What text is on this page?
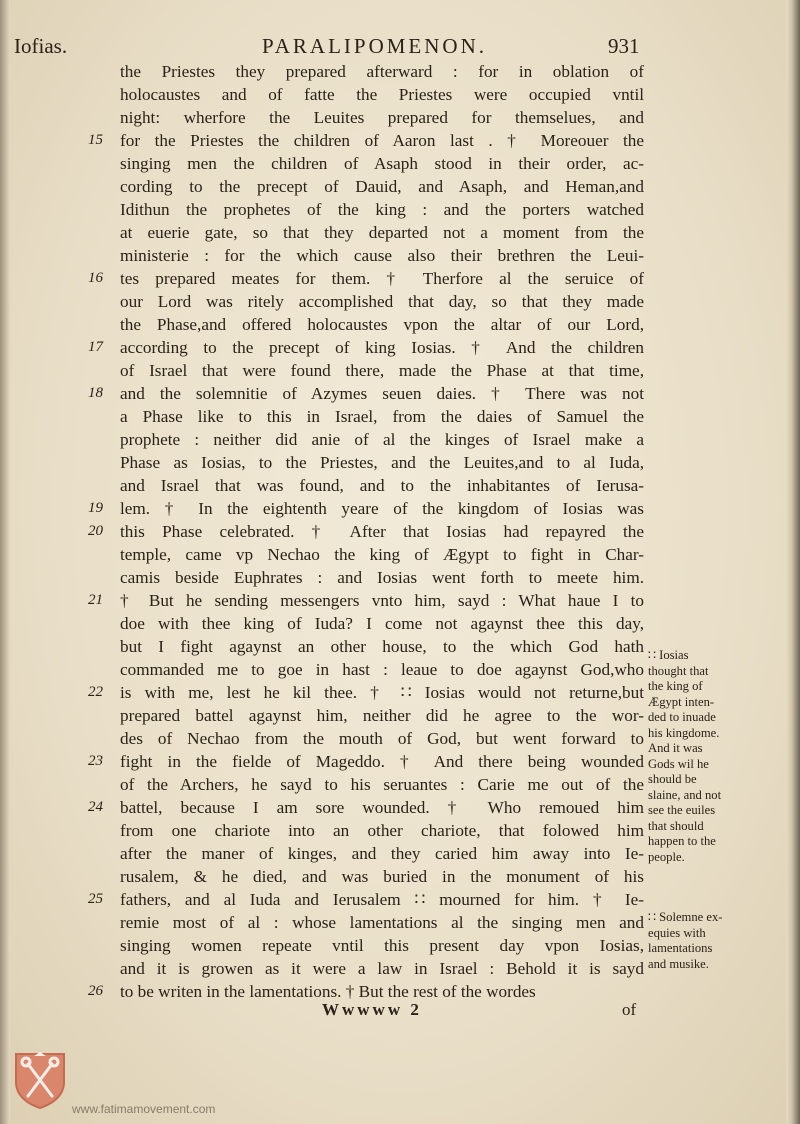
Iofias.	PARALIPOMENON.	931
the Priestes they prepared afterward : for in oblation of
holocaustes and of fatte the Priestes were occupied vntil
night: wherfore the Leuites prepared for themselues, and
15 for the Priestes the children of Aaron last . † Moreouer the
singing men the children of Asaph stood in their order, ac-
cording to the precept of Dauid, and Asaph, and Heman,and
Idithun the prophetes of the king : and the porters watched
at euerie gate, so that they departed not a moment from the
ministerie : for the which cause also their brethren the Leui-
16 tes prepared meates for them. † Therfore al the seruice of
our Lord was ritely accomplished that day, so that they made
the Phase,and offered holocaustes vpon the altar of our Lord,
17 according to the precept of king Iosias. † And the children
of Israel that were found there, made the Phase at that time,
18 and the solemnitie of Azymes seuen daies. † There was not
a Phase like to this in Israel, from the daies of Samuel the
prophete : neither did anie of al the kinges of Israel make a
Phase as Iosias, to the Priestes, and the Leuites,and to al Iuda,
and Israel that was found, and to the inhabitantes of Ierusa-
19 lem. † In the eightenth yeare of the kingdom of Iosias was
20 this Phase celebrated. † After that Iosias had repayred the
temple, came vp Nechao the king of Ægypt to fight in Char-
camis beside Euphrates : and Iosias went forth to meete him.
21 † But he sending messengers vnto him, sayd : What haue I to
doe with thee king of Iuda? I come not agaynst thee this day,
but I fight agaynst an other house, to the which God hath
commanded me to goe in hast : leaue to doe agaynst God,who
22 is with me, lest he kil thee. † ∷ Iosias would not returne,but
prepared battel agaynst him, neither did he agree to the wor-
des of Nechao from the mouth of God, but went forward to
23 fight in the fielde of Mageddo. † And there being wounded
of the Archers, he sayd to his seruantes : Carie me out of the
24 battel, because I am sore wounded. † Who remoued him
from one chariote into an other chariote, that folowed him
after the maner of kinges, and they caried him away into Ie-
rusalem, & he died, and was buried in the monument of his
25 fathers, and al Iuda and Ierusalem ∷ mourned for him. † Ie-
remie most of al : whose lamentations al the singing men and
singing women repeate vntil this present day vpon Iosias,
and it is growen as it were a law in Israel : Behold it is sayd
26 to be writen in the lamentations. † But the rest of the wordes
∷ Iosias
thought that
the king of
Ægypt inten-
ded to inuade
his kingdome.
And it was
Gods wil he
should be
slaine, and not
see the euiles
that should
happen to the
people.
∷ Solemne ex-
equies with
lamentations
and musike.
Wwwww 2	of
www.fatimamovement.com
